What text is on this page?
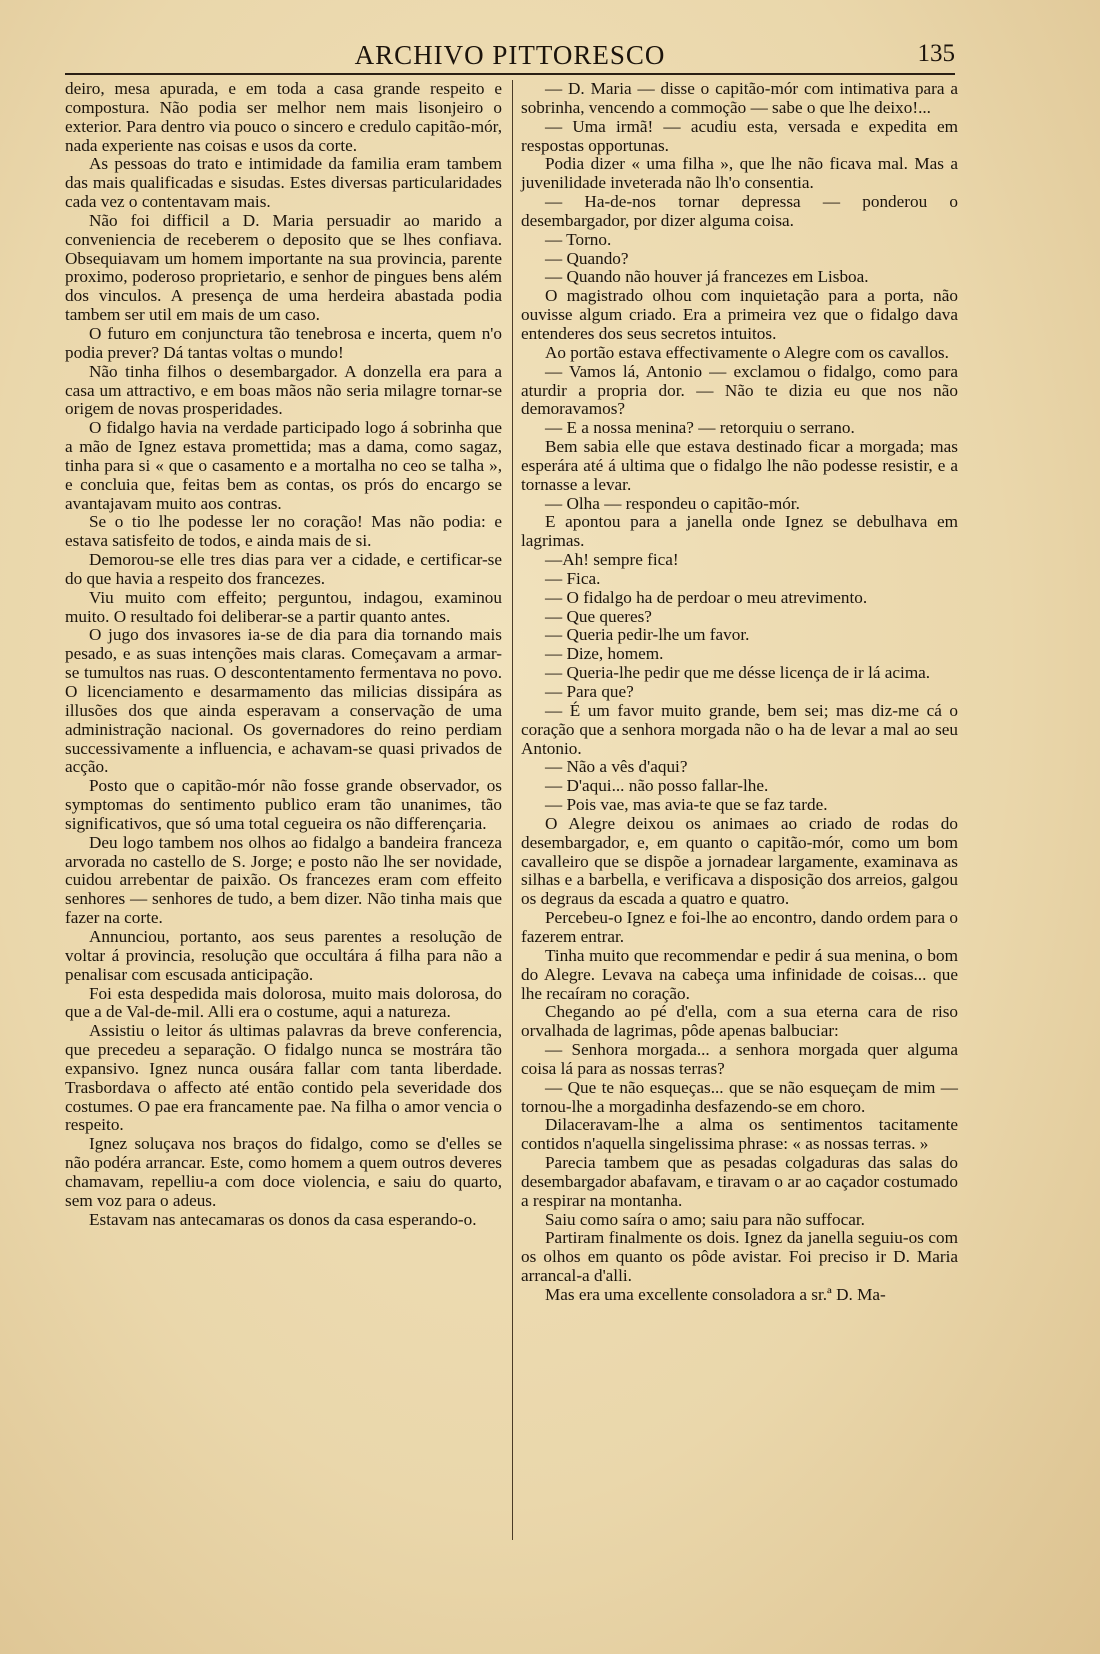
ARCHIVO PITTORESCO	135

deiro, mesa apurada, e em toda a casa grande respeito e compostura. Não podia ser melhor nem mais lisonjeiro o exterior. Para dentro via pouco o sincero e credulo capitão-mór, nada experiente nas coisas e usos da corte.

As pessoas do trato e intimidade da familia eram tambem das mais qualificadas e sisudas. Estes diversas particularidades cada vez o contentavam mais.

Não foi difficil a D. Maria persuadir ao marido a conveniencia de receberem o deposito que se lhes confiava. Obsequiavam um homem importante na sua provincia, parente proximo, poderoso proprietario, e senhor de pingues bens além dos vinculos. A presença de uma herdeira abastada podia tambem ser util em mais de um caso.

O futuro em conjunctura tão tenebrosa e incerta, quem n'o podia prever? Dá tantas voltas o mundo!

Não tinha filhos o desembargador. A donzella era para a casa um attractivo, e em boas mãos não seria milagre tornar-se origem de novas prosperidades.

O fidalgo havia na verdade participado logo á sobrinha que a mão de Ignez estava promettida; mas a dama, como sagaz, tinha para si « que o casamento e a mortalha no ceo se talha », e concluia que, feitas bem as contas, os prós do encargo se avantajavam muito aos contras.

Se o tio lhe podesse ler no coração! Mas não podia: e estava satisfeito de todos, e ainda mais de si.

Demorou-se elle tres dias para ver a cidade, e certificar-se do que havia a respeito dos francezes.

Viu muito com effeito; perguntou, indagou, examinou muito. O resultado foi deliberar-se a partir quanto antes.

O jugo dos invasores ia-se de dia para dia tornando mais pesado, e as suas intenções mais claras. Começavam a armar-se tumultos nas ruas. O descontentamento fermentava no povo. O licenciamento e desarmamento das milicias dissipára as illusões dos que ainda esperavam a conservação de uma administração nacional. Os governadores do reino perdiam successivamente a influencia, e achavam-se quasi privados de acção.

Posto que o capitão-mór não fosse grande observador, os symptomas do sentimento publico eram tão unanimes, tão significativos, que só uma total cegueira os não differençaria.

Deu logo tambem nos olhos ao fidalgo a bandeira franceza arvorada no castello de S. Jorge; e posto não lhe ser novidade, cuidou arrebentar de paixão. Os francezes eram com effeito senhores — senhores de tudo, a bem dizer. Não tinha mais que fazer na corte.

Annunciou, portanto, aos seus parentes a resolução de voltar á provincia, resolução que occultára á filha para não a penalisar com escusada anticipação.

Foi esta despedida mais dolorosa, muito mais dolorosa, do que a de Val-de-mil. Alli era o costume, aqui a natureza.

Assistiu o leitor ás ultimas palavras da breve conferencia, que precedeu a separação. O fidalgo nunca se mostrára tão expansivo. Ignez nunca ousára fallar com tanta liberdade. Trasbordava o affecto até então contido pela severidade dos costumes. O pae era francamente pae. Na filha o amor vencia o respeito.

Ignez soluçava nos braços do fidalgo, como se d'elles se não podéra arrancar. Este, como homem a quem outros deveres chamavam, repelliu-a com doce violencia, e saiu do quarto, sem voz para o adeus.

Estavam nas antecamaras os donos da casa esperando-o.

— D. Maria — disse o capitão-mór com intimativa para a sobrinha, vencendo a commoção — sabe o que lhe deixo!...

— Uma irmã! — acudiu esta, versada e expedita em respostas opportunas.

Podia dizer « uma filha », que lhe não ficava mal. Mas a juvenilidade inveterada não lh'o consentia.

— Ha-de-nos tornar depressa — ponderou o desembargador, por dizer alguma coisa.

— Torno.

— Quando?

— Quando não houver já francezes em Lisboa.

O magistrado olhou com inquietação para a porta, não ouvisse algum criado. Era a primeira vez que o fidalgo dava entenderes dos seus secretos intuitos.

Ao portão estava effectivamente o Alegre com os cavallos.

— Vamos lá, Antonio — exclamou o fidalgo, como para aturdir a propria dor. — Não te dizia eu que nos não demoravamos?

— E a nossa menina? — retorquiu o serrano.

Bem sabia elle que estava destinado ficar a morgada; mas esperára até á ultima que o fidalgo lhe não podesse resistir, e a tornasse a levar.

— Olha — respondeu o capitão-mór.

E apontou para a janella onde Ignez se debulhava em lagrimas.

—Ah! sempre fica!

— Fica.

— O fidalgo ha de perdoar o meu atrevimento.

— Que queres?

— Queria pedir-lhe um favor.

— Dize, homem.

— Queria-lhe pedir que me désse licença de ir lá acima.

— Para que?

— É um favor muito grande, bem sei; mas diz-me cá o coração que a senhora morgada não o ha de levar a mal ao seu Antonio.

— Não a vês d'aqui?

— D'aqui... não posso fallar-lhe.

— Pois vae, mas avia-te que se faz tarde.

O Alegre deixou os animaes ao criado de rodas do desembargador, e, em quanto o capitão-mór, como um bom cavalleiro que se dispõe a jornadear largamente, examinava as silhas e a barbella, e verificava a disposição dos arreios, galgou os degraus da escada a quatro e quatro.

Percebeu-o Ignez e foi-lhe ao encontro, dando ordem para o fazerem entrar.

Tinha muito que recommendar e pedir á sua menina, o bom do Alegre. Levava na cabeça uma infinidade de coisas... que lhe recaíram no coração.

Chegando ao pé d'ella, com a sua eterna cara de riso orvalhada de lagrimas, pôde apenas balbuciar:

— Senhora morgada... a senhora morgada quer alguma coisa lá para as nossas terras?

— Que te não esqueças... que se não esqueçam de mim — tornou-lhe a morgadinha desfazendo-se em choro.

Dilaceravam-lhe a alma os sentimentos tacitamente contidos n'aquella singelissima phrase: « as nossas terras. »

Parecia tambem que as pesadas colgaduras das salas do desembargador abafavam, e tiravam o ar ao caçador costumado a respirar na montanha.

Saiu como saíra o amo; saiu para não suffocar.

Partiram finalmente os dois. Ignez da janella seguiu-os com os olhos em quanto os pôde avistar. Foi preciso ir D. Maria arrancal-a d'alli.

Mas era uma excellente consoladora a sr.ª D. Ma-
